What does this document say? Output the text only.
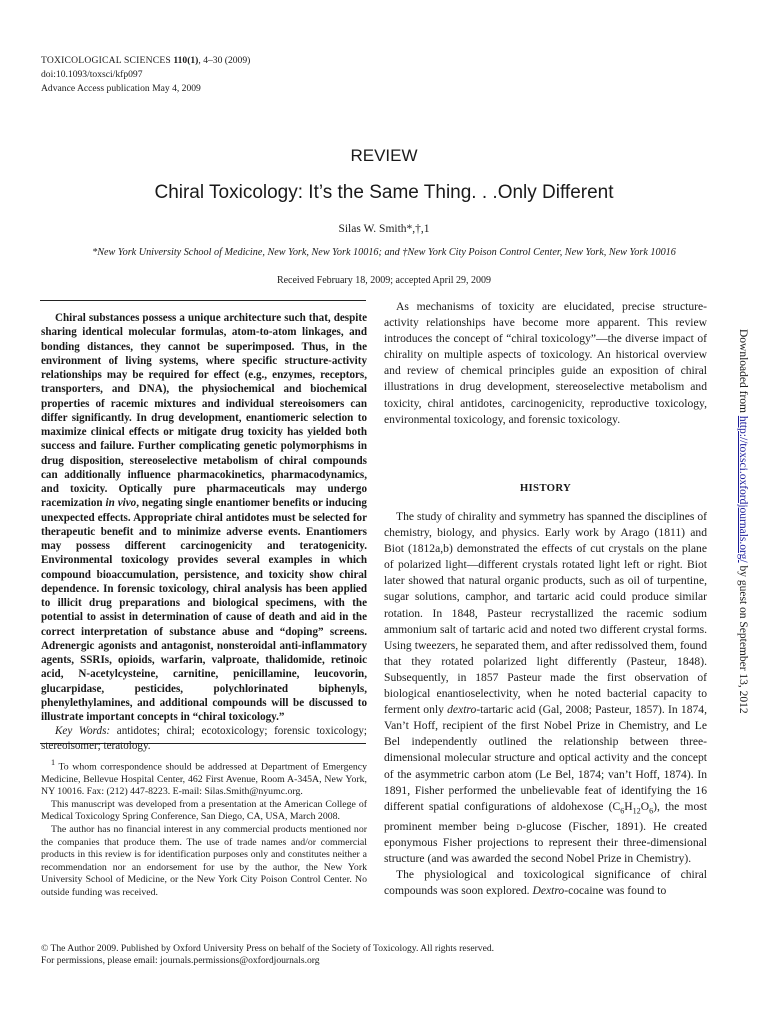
TOXICOLOGICAL SCIENCES 110(1), 4–30 (2009)
doi:10.1093/toxsci/kfp097
Advance Access publication May 4, 2009
REVIEW
Chiral Toxicology: It’s the Same Thing. . .Only Different
Silas W. Smith*,†,1
*New York University School of Medicine, New York, New York 10016; and †New York City Poison Control Center, New York, New York 10016
Received February 18, 2009; accepted April 29, 2009

Chiral substances possess a unique architecture such that, despite sharing identical molecular formulas, atom-to-atom linkages, and bonding distances, they cannot be superimposed. Thus, in the environment of living systems, where specific structure-activity relationships may be required for effect (e.g., enzymes, receptors, transporters, and DNA), the physiochemical and biochemical properties of racemic mixtures and individual stereoisomers can differ significantly. In drug development, enantiomeric selection to maximize clinical effects or mitigate drug toxicity has yielded both success and failure. Further complicating genetic polymorphisms in drug disposition, stereoselective metabolism of chiral compounds can additionally influence pharmacokinetics, pharmacodynamics, and toxicity. Optically pure pharmaceuticals may undergo racemization in vivo, negating single enantiomer benefits or inducing unexpected effects. Appropriate chiral antidotes must be selected for therapeutic benefit and to minimize adverse events. Enantiomers may possess different carcinogenicity and teratogenicity. Environmental toxicology provides several examples in which compound bioaccumulation, persistence, and toxicity show chiral dependence. In forensic toxicology, chiral analysis has been applied to illicit drug preparations and biological specimens, with the potential to assist in determination of cause of death and aid in the correct interpretation of substance abuse and “doping” screens. Adrenergic agonists and antagonist, nonsteroidal anti-inflammatory agents, SSRIs, opioids, warfarin, valproate, thalidomide, retinoic acid, N-acetylcysteine, carnitine, penicillamine, leucovorin, glucarpidase, pesticides, polychlorinated biphenyls, phenylethylamines, and additional compounds will be discussed to illustrate important concepts in “chiral toxicology.”

Key Words: antidotes; chiral; ecotoxicology; forensic toxicology; stereoisomer; teratology.

$^1$ To whom correspondence should be addressed at Department of Emergency Medicine, Bellevue Hospital Center, 462 First Avenue, Room A-345A, New York, NY 10016. Fax: (212) 447-8223. E-mail: Silas.Smith@nyumc.org.

This manuscript was developed from a presentation at the American College of Medical Toxicology Spring Conference, San Diego, CA, USA, March 2008.

The author has no financial interest in any commercial products mentioned nor the companies that produce them. The use of trade names and/or commercial products in this review is for identification purposes only and constitutes neither a recommendation nor an endorsement for use by the author, the New York University School of Medicine, or the New York City Poison Control Center. No outside funding was received.

As mechanisms of toxicity are elucidated, precise structure-activity relationships have become more apparent. This review introduces the concept of “chiral toxicology”—the diverse impact of chirality on multiple aspects of toxicology. An historical overview and review of chemical principles guide an exposition of chiral illustrations in drug development, stereoselective metabolism and toxicity, chiral antidotes, carcinogenicity, reproductive toxicology, environmental toxicology, and forensic toxicology.

HISTORY

The study of chirality and symmetry has spanned the disciplines of chemistry, biology, and physics. Early work by Arago (1811) and Biot (1812a,b) demonstrated the effects of cut crystals on the plane of polarized light—different crystals rotated light left or right. Biot later showed that natural organic products, such as oil of turpentine, sugar solutions, camphor, and tartaric acid could produce similar rotation. In 1848, Pasteur recrystallized the racemic sodium ammonium salt of tartaric acid and noted two different crystal forms. Using tweezers, he separated them, and after redissolved them, found that they rotated polarized light differently (Pasteur, 1848). Subsequently, in 1857 Pasteur made the first observation of biological enantioselectivity, when he noted bacterial capacity to ferment only dextro-tartaric acid (Gal, 2008; Pasteur, 1857). In 1874, Van’t Hoff, recipient of the first Nobel Prize in Chemistry, and Le Bel independently outlined the relationship between three-dimensional molecular structure and optical activity and the concept of the asymmetric carbon atom (Le Bel, 1874; van’t Hoff, 1874). In 1891, Fisher performed the unbelievable feat of identifying the 16 different spatial configurations of aldohexose $(C_6H_{12}O_6)$, the most prominent member being d-glucose (Fischer, 1891). He created eponymous Fisher projections to represent their three-dimensional structure (and was awarded the second Nobel Prize in Chemistry).

The physiological and toxicological significance of chiral compounds was soon explored. Dextro-cocaine was found to

© The Author 2009. Published by Oxford University Press on behalf of the Society of Toxicology. All rights reserved.
For permissions, please email: journals.permissions@oxfordjournals.org
Downloaded from http://toxsci.oxfordjournals.org/ by guest on September 13, 2012
